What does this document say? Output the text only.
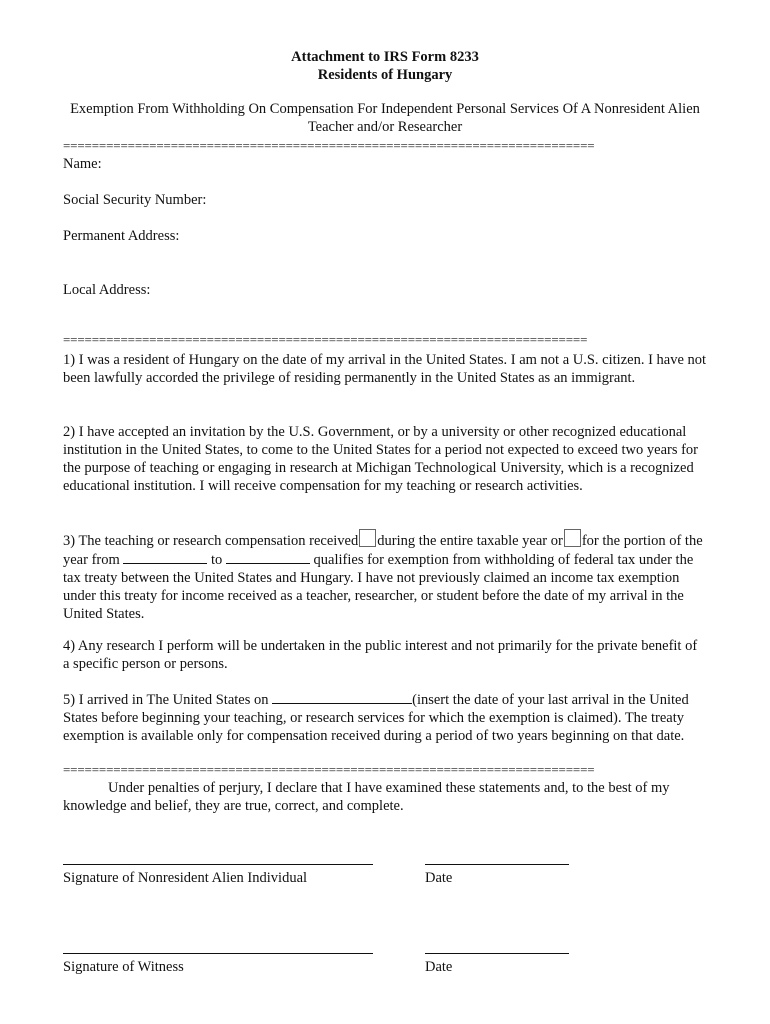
Attachment to IRS Form 8233
Residents of Hungary
Exemption From Withholding On Compensation For Independent Personal Services Of A Nonresident Alien Teacher and/or Researcher
==========================================================================
Name:
Social Security Number:
Permanent Address:
Local Address:
=========================================================================
1) I was a resident of Hungary on the date of my arrival in the United States. I am not a U.S. citizen. I have not been lawfully accorded the privilege of residing permanently in the United States as an immigrant.
2) I have accepted an invitation by the U.S. Government, or by a university or other recognized educational institution in the United States, to come to the United States for a period not expected to exceed two years for the purpose of teaching or engaging in research at Michigan Technological University, which is a recognized educational institution. I will receive compensation for my teaching or research activities.
3) The teaching or research compensation received during the entire taxable year or for the portion of the year from	to	qualifies for exemption from withholding of federal tax under the tax treaty between the United States and Hungary. I have not previously claimed an income tax exemption under this treaty for income received as a teacher, researcher, or student before the date of my arrival in the United States.
4) Any research I perform will be undertaken in the public interest and not primarily for the private benefit of a specific person or persons.
5) I arrived in The United States on	(insert the date of your last arrival in the United States before beginning your teaching, or research services for which the exemption is claimed). The treaty exemption is available only for compensation received during a period of two years beginning on that date.
==========================================================================
Under penalties of perjury, I declare that I have examined these statements and, to the best of my knowledge and belief, they are true, correct, and complete.
Signature of Nonresident Alien Individual	Date
Signature of Witness	Date
